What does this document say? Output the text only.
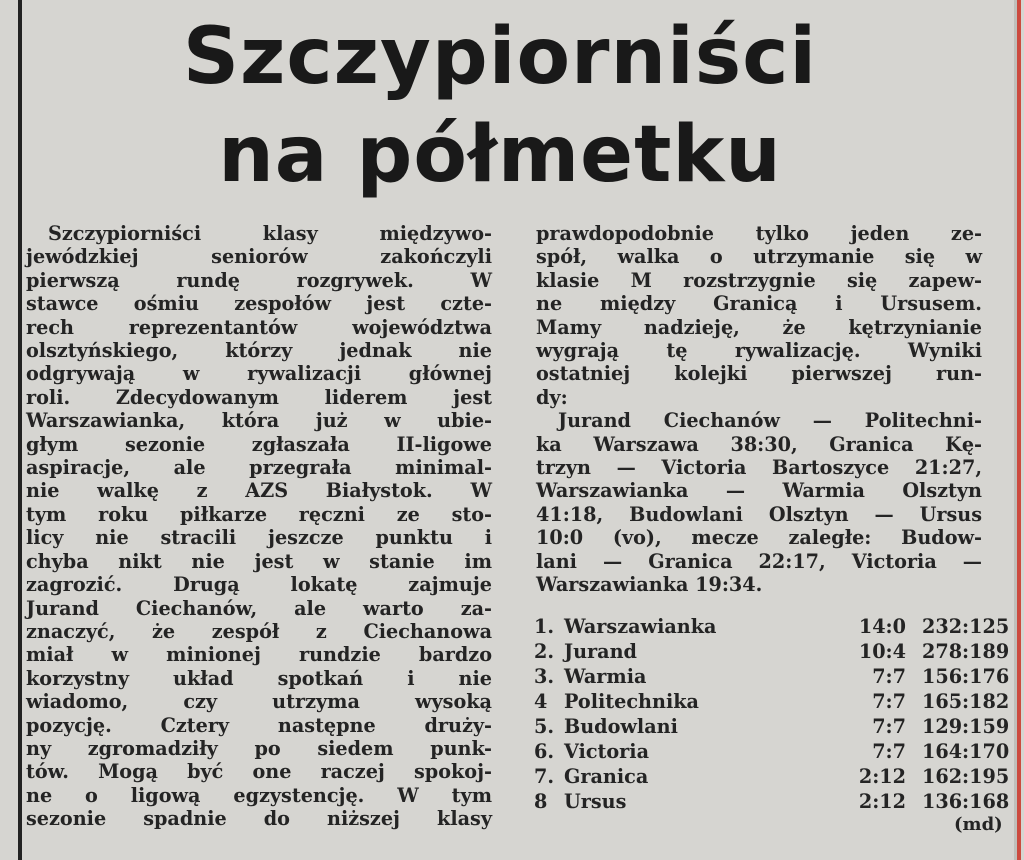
Szczypiorniści
na półmetku
Szczypiorniści klasy międzywo-
jewódzkiej seniorów zakończyli
pierwszą rundę rozgrywek. W
stawce ośmiu zespołów jest czte-
rech reprezentantów województwa
olsztyńskiego, którzy jednak nie
odgrywają w rywalizacji głównej
roli. Zdecydowanym liderem jest
Warszawianka, która już w ubie-
głym sezonie zgłaszała II-ligowe
aspiracje, ale przegrała minimal-
nie walkę z AZS Białystok. W
tym roku piłkarze ręczni ze sto-
licy nie stracili jeszcze punktu i
chyba nikt nie jest w stanie im
zagrozić. Drugą lokatę zajmuje
Jurand Ciechanów, ale warto za-
znaczyć, że zespół z Ciechanowa
miał w minionej rundzie bardzo
korzystny układ spotkań i nie
wiadomo, czy utrzyma wysoką
pozycję. Cztery następne druży-
ny zgromadziły po siedem punk-
tów. Mogą być one raczej spokoj-
ne o ligową egzystencję. W tym
sezonie spadnie do niższej klasy
prawdopodobnie tylko jeden ze-
spół, walka o utrzymanie się w
klasie M rozstrzygnie się zapew-
ne między Granicą i Ursusem.
Mamy nadzieję, że kętrzynianie
wygrają tę rywalizację. Wyniki
ostatniej kolejki pierwszej run-
dy:
Jurand Ciechanów — Politechni-
ka Warszawa 38:30, Granica Kę-
trzyn — Victoria Bartoszyce 21:27,
Warszawianka — Warmia Olsztyn
41:18, Budowlani Olsztyn — Ursus
10:0 (vo), mecze zaległe: Budow-
lani — Granica 22:17, Victoria —
Warszawianka 19:34.
1.	Warszawianka	14:0	232:125
2.	Jurand	10:4	278:189
3.	Warmia	7:7	156:176
4	Politechnika	7:7	165:182
5.	Budowlani	7:7	129:159
6.	Victoria	7:7	164:170
7.	Granica	2:12	162:195
8	Ursus	2:12	136:168
(md)
